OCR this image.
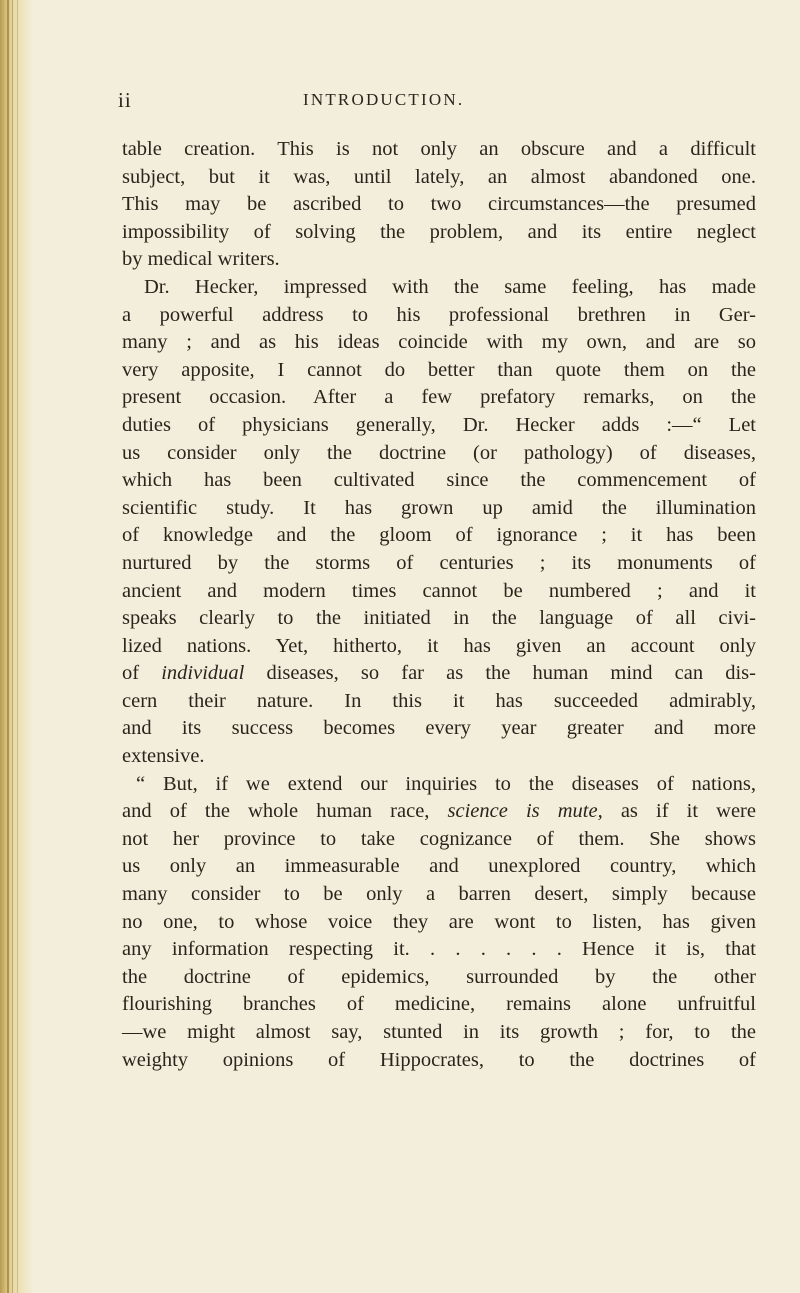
ii	INTRODUCTION.
table creation. This is not only an obscure and a difficult
subject, but it was, until lately, an almost abandoned one.
This may be ascribed to two circumstances—the presumed
impossibility of solving the problem, and its entire neglect
by medical writers.
Dr. Hecker, impressed with the same feeling, has made
a powerful address to his professional brethren in Ger-
many ; and as his ideas coincide with my own, and are so
very apposite, I cannot do better than quote them on the
present occasion. After a few prefatory remarks, on the
duties of physicians generally, Dr. Hecker adds :—“ Let
us consider only the doctrine (or pathology) of diseases,
which has been cultivated since the commencement of
scientific study. It has grown up amid the illumination
of knowledge and the gloom of ignorance ; it has been
nurtured by the storms of centuries ; its monuments of
ancient and modern times cannot be numbered ; and it
speaks clearly to the initiated in the language of all civi-
lized nations. Yet, hitherto, it has given an account only
of individual diseases, so far as the human mind can dis-
cern their nature. In this it has succeeded admirably,
and its success becomes every year greater and more
extensive.
“ But, if we extend our inquiries to the diseases of nations,
and of the whole human race, science is mute, as if it were
not her province to take cognizance of them. She shows
us only an immeasurable and unexplored country, which
many consider to be only a barren desert, simply because
no one, to whose voice they are wont to listen, has given
any information respecting it. . . . . . . Hence it is, that
the doctrine of epidemics, surrounded by the other
flourishing branches of medicine, remains alone unfruitful
—we might almost say, stunted in its growth ; for, to the
weighty opinions of Hippocrates, to the doctrines of
